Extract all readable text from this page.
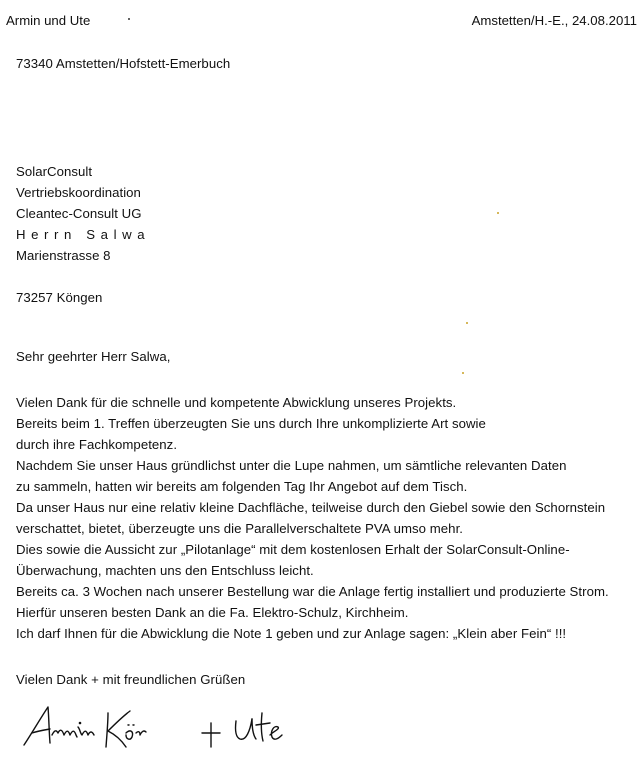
Armin und Ute	Amstetten/H.-E., 24.08.2011
73340 Amstetten/Hofstett-Emerbuch
SolarConsult
Vertriebskoordination
Cleantec-Consult UG
Herrn Salwa
Marienstrasse 8
73257 Köngen
Sehr geehrter Herr Salwa,
Vielen Dank für die schnelle und kompetente Abwicklung unseres Projekts.
Bereits beim 1. Treffen überzeugten Sie uns durch Ihre unkomplizierte Art sowie
durch ihre Fachkompetenz.
Nachdem Sie unser Haus gründlichst unter die Lupe nahmen, um sämtliche relevanten Daten
zu sammeln, hatten wir bereits am folgenden Tag Ihr Angebot auf dem Tisch.
Da unser Haus nur eine relativ kleine Dachfläche, teilweise durch den Giebel sowie den Schornstein
verschattet, bietet, überzeugte uns die Parallelverschaltete PVA umso mehr.
Dies sowie die Aussicht zur „Pilotanlage“ mit dem kostenlosen Erhalt der SolarConsult-Online-
Überwachung, machten uns den Entschluss leicht.
Bereits ca. 3 Wochen nach unserer Bestellung war die Anlage fertig installiert und produzierte Strom.
Hierfür unseren besten Dank an die Fa. Elektro-Schulz, Kirchheim.
Ich darf Ihnen für die Abwicklung die Note 1 geben und zur Anlage sagen: „Klein aber Fein“ !!!
Vielen Dank + mit freundlichen Grüßen
